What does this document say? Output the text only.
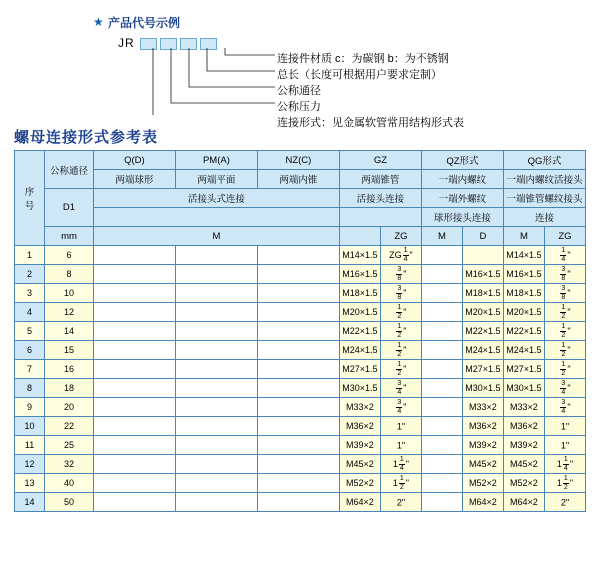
★ 产品代号示例
JR
连接件材质 c：为碳钢 b：为不锈钢
总长（长度可根据用户要求定制）
公称通径
公称压力
连接形式：见金属软管常用结构形式表
螺母连接形式参考表
序
号	公称通径	Q(D)	PM(A)	NZ(C)	GZ		QZ形式		QG形式	
		两端球形	两端平面	两端内锥	两端锥管		一端内螺纹		一端内螺纹活接头	
	D1	活接头式连接			活接头连接		一端外螺纹		一端锥管螺纹接头	
							球形接头连接		连接	
	mm	M				ZG	M	D	M	ZG
1	6				M14×1.5	ZG $\frac{1}{4}$ "			M14×1.5	$\frac{1}{4}$ "
2	8				M16×1.5	$\frac{3}{8}$ "		M16×1.5	M16×1.5	$\frac{3}{8}$ "
3	10				M18×1.5	$\frac{3}{8}$ "		M18×1.5	M18×1.5	$\frac{3}{8}$ "
4	12				M20×1.5	$\frac{1}{2}$ "		M20×1.5	M20×1.5	$\frac{1}{2}$ "
5	14				M22×1.5	$\frac{1}{2}$ "		M22×1.5	M22×1.5	$\frac{1}{2}$ "
6	15				M24×1.5	$\frac{1}{2}$ "		M24×1.5	M24×1.5	$\frac{1}{2}$ "
7	16				M27×1.5	$\frac{1}{2}$ "		M27×1.5	M27×1.5	$\frac{1}{2}$ "
8	18				M30×1.5	$\frac{3}{4}$ "		M30×1.5	M30×1.5	$\frac{3}{4}$ "
9	20				M33×2	$\frac{3}{4}$ "		M33×2	M33×2	$\frac{3}{4}$ "
10	22				M36×2	1"		M36×2	M36×2	1"
11	25				M39×2	1"		M39×2	M39×2	1"
12	32				M45×2	$1 \frac{1}{4}$ "		M45×2	M45×2	$1 \frac{1}{4}$ "
13	40				M52×2	$1 \frac{1}{2}$ "		M52×2	M52×2	$1 \frac{1}{2}$ "
14	50				M64×2	2"		M64×2	M64×2	2"
